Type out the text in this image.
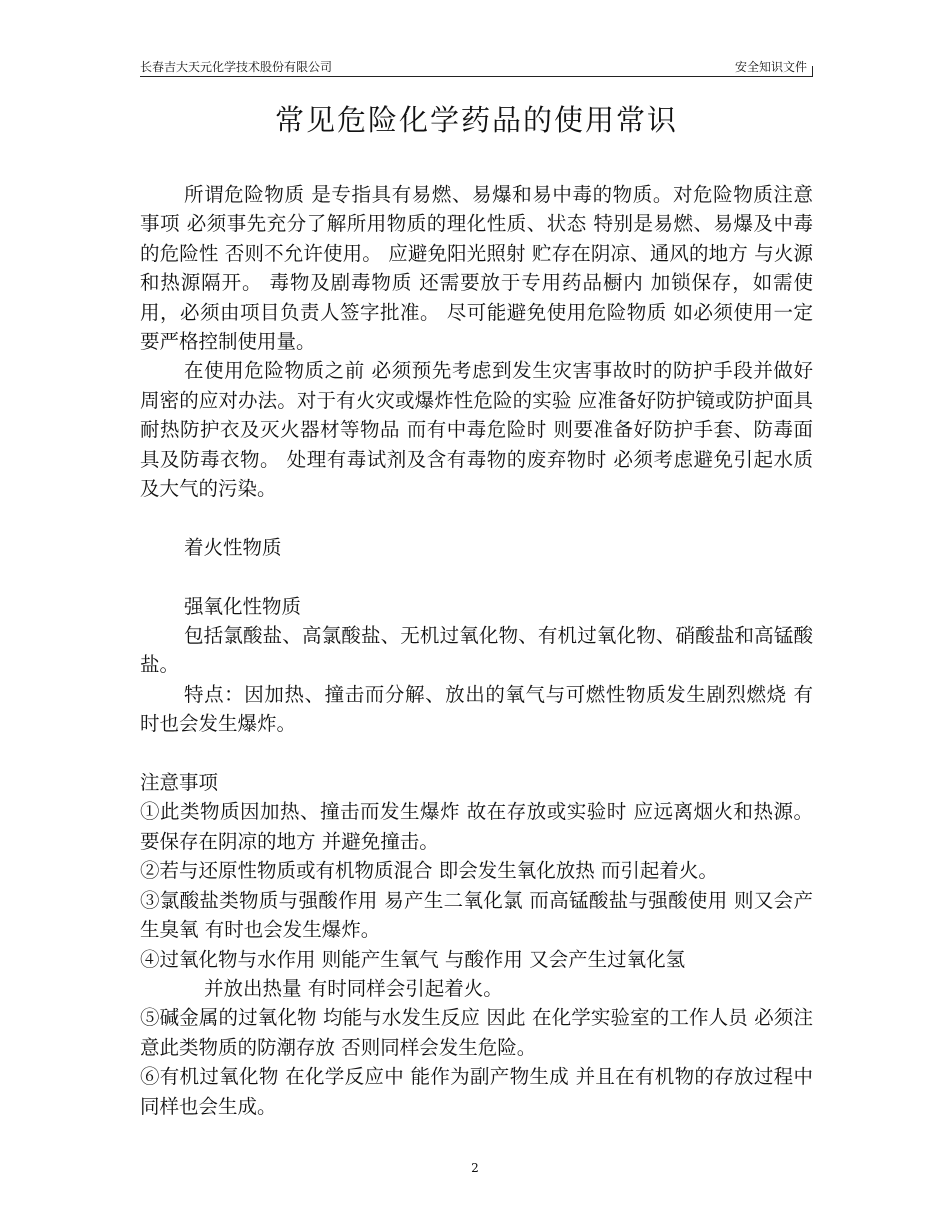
长春吉大天元化学技术股份有限公司	安全知识文件
常见危险化学药品的使用常识

所谓危险物质 是专指具有易燃、易爆和易中毒的物质。对危险物质注意事项 必须事先充分了解所用物质的理化性质、状态 特别是易燃、易爆及中毒的危险性 否则不允许使用。 应避免阳光照射 贮存在阴凉、通风的地方 与火源和热源隔开。 毒物及剧毒物质 还需要放于专用药品橱内 加锁保存，如需使用，必须由项目负责人签字批准。 尽可能避免使用危险物质 如必须使用一定要严格控制使用量。

在使用危险物质之前 必须预先考虑到发生灾害事故时的防护手段并做好周密的应对办法。对于有火灾或爆炸性危险的实验 应准备好防护镜或防护面具 耐热防护衣及灭火器材等物品 而有中毒危险时 则要准备好防护手套、防毒面具及防毒衣物。 处理有毒试剂及含有毒物的废弃物时 必须考虑避免引起水质及大气的污染。

着火性物质

强氧化性物质

包括氯酸盐、高氯酸盐、无机过氧化物、有机过氧化物、硝酸盐和高锰酸盐。

特点：因加热、撞击而分解、放出的氧气与可燃性物质发生剧烈燃烧 有时也会发生爆炸。

注意事项

①此类物质因加热、撞击而发生爆炸 故在存放或实验时 应远离烟火和热源。要保存在阴凉的地方 并避免撞击。

②若与还原性物质或有机物质混合 即会发生氧化放热 而引起着火。

③氯酸盐类物质与强酸作用 易产生二氧化氯 而高锰酸盐与强酸使用 则又会产生臭氧 有时也会发生爆炸。

④过氧化物与水作用 则能产生氧气 与酸作用 又会产生过氧化氢

并放出热量 有时同样会引起着火。

⑤碱金属的过氧化物 均能与水发生反应 因此 在化学实验室的工作人员 必须注意此类物质的防潮存放 否则同样会发生危险。

⑥有机过氧化物 在化学反应中 能作为副产物生成 并且在有机物的存放过程中 同样也会生成。

2
